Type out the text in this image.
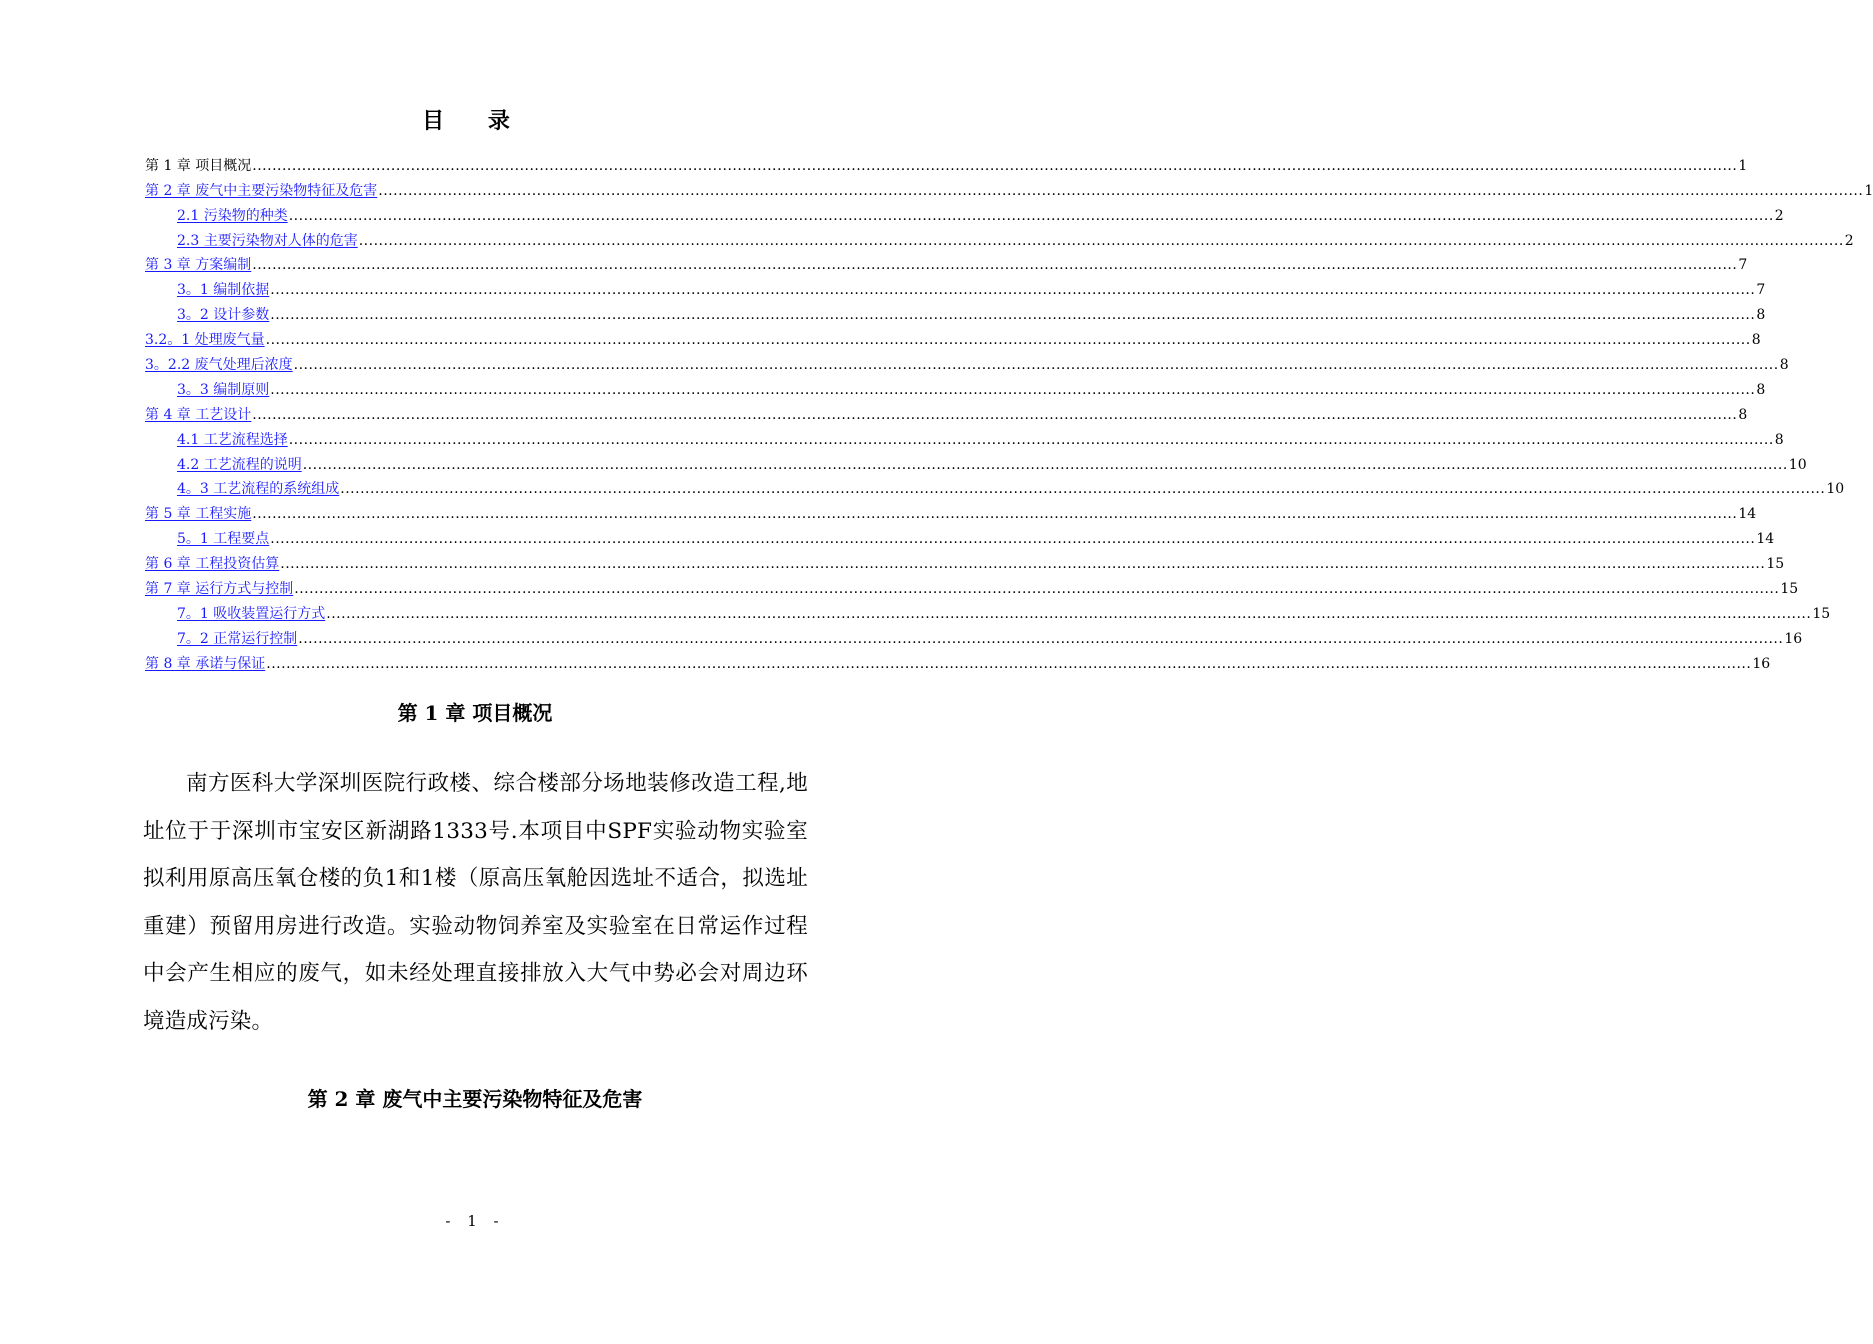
目 录
第 1 章 项目概况 ............................................................................................................................................................................................................................................................................................................ 1
第 2 章 废气中主要污染物特征及危害 ............................................................................................................................................................................................................................................................................................................ 1
2.1 污染物的种类 ............................................................................................................................................................................................................................................................................................................ 2
2.3 主要污染物对人体的危害 ............................................................................................................................................................................................................................................................................................................ 2
第 3 章 方案编制 ............................................................................................................................................................................................................................................................................................................ 7
3。1 编制依据 ............................................................................................................................................................................................................................................................................................................ 7
3。2 设计参数 ............................................................................................................................................................................................................................................................................................................ 8
3.2。1 处理废气量 ............................................................................................................................................................................................................................................................................................................ 8
3。2.2 废气处理后浓度 ............................................................................................................................................................................................................................................................................................................ 8
3。3 编制原则 ............................................................................................................................................................................................................................................................................................................ 8
第 4 章 工艺设计 ............................................................................................................................................................................................................................................................................................................ 8
4.1 工艺流程选择 ............................................................................................................................................................................................................................................................................................................ 8
4.2 工艺流程的说明 ............................................................................................................................................................................................................................................................................................................ 10
4。3 工艺流程的系统组成 ............................................................................................................................................................................................................................................................................................................ 10
第 5 章 工程实施 ............................................................................................................................................................................................................................................................................................................ 14
5。1 工程要点 ............................................................................................................................................................................................................................................................................................................ 14
第 6 章 工程投资估算 ............................................................................................................................................................................................................................................................................................................ 15
第 7 章 运行方式与控制 ............................................................................................................................................................................................................................................................................................................ 15
7。1 吸收装置运行方式 ............................................................................................................................................................................................................................................................................................................ 15
7。2 正常运行控制 ............................................................................................................................................................................................................................................................................................................ 16
第 8 章 承诺与保证 ............................................................................................................................................................................................................................................................................................................ 16
第 1 章 项目概况
南方医科大学深圳医院行政楼、综合楼部分场地装修改造工程,地址位于于深圳市宝安区新湖路1333号.本项目中SPF实验动物实验室拟利用原高压氧仓楼的负1和1楼（原高压氧舱因选址不适合，拟选址重建）预留用房进行改造。实验动物饲养室及实验室在日常运作过程中会产生相应的废气，如未经处理直接排放入大气中势必会对周边环境造成污染。
第 2 章 废气中主要污染物特征及危害
- 1 -
